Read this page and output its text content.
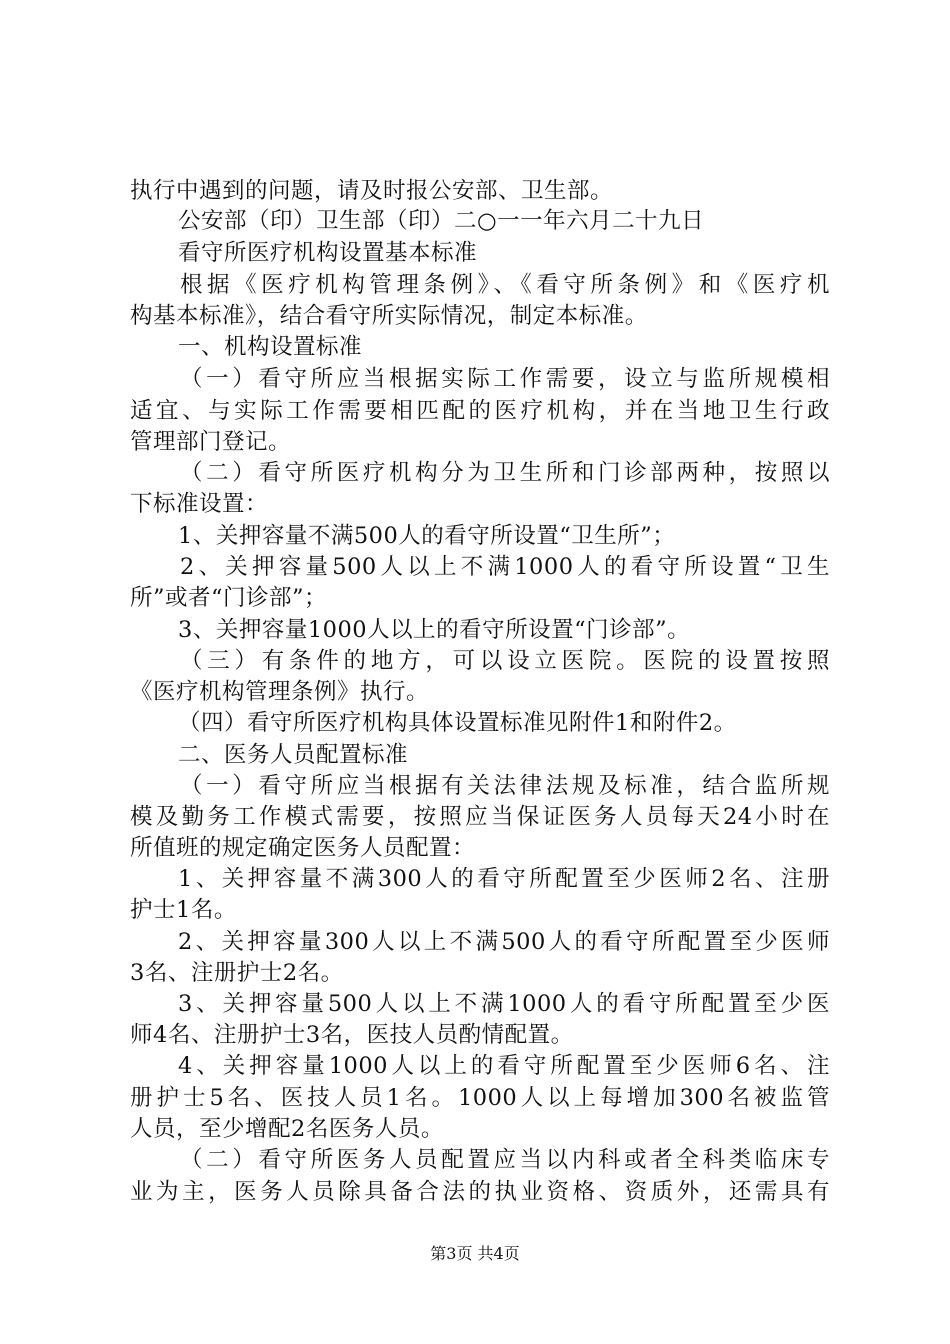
执行中遇到的问题，请及时报公安部、卫生部。
公安部（印）卫生部（印）二○一一年六月二十九日
看守所医疗机构设置基本标准
根据《医疗机构管理条例》、《看守所条例》和《医疗机
构基本标准》，结合看守所实际情况，制定本标准。
一、机构设置标准
（一）看守所应当根据实际工作需要，设立与监所规模相
适宜、与实际工作需要相匹配的医疗机构，并在当地卫生行政
管理部门登记。
（二）看守所医疗机构分为卫生所和门诊部两种，按照以
下标准设置：
1、关押容量不满500人的看守所设置“卫生所”；
2、关押容量500人以上不满1000人的看守所设置“卫生
所”或者“门诊部”；
3、关押容量1000人以上的看守所设置“门诊部”。
（三）有条件的地方，可以设立医院。医院的设置按照
《医疗机构管理条例》执行。
（四）看守所医疗机构具体设置标准见附件1和附件2。
二、医务人员配置标准
（一）看守所应当根据有关法律法规及标准，结合监所规
模及勤务工作模式需要，按照应当保证医务人员每天24小时在
所值班的规定确定医务人员配置：
1、关押容量不满300人的看守所配置至少医师2名、注册
护士1名。
2、关押容量300人以上不满500人的看守所配置至少医师
3名、注册护士2名。
3、关押容量500人以上不满1000人的看守所配置至少医
师4名、注册护士3名，医技人员酌情配置。
4、关押容量1000人以上的看守所配置至少医师6名、注
册护士5名、医技人员1名。1000人以上每增加300名被监管
人员，至少增配2名医务人员。
（二）看守所医务人员配置应当以内科或者全科类临床专
业为主，医务人员除具备合法的执业资格、资质外，还需具有
第3页 共4页
